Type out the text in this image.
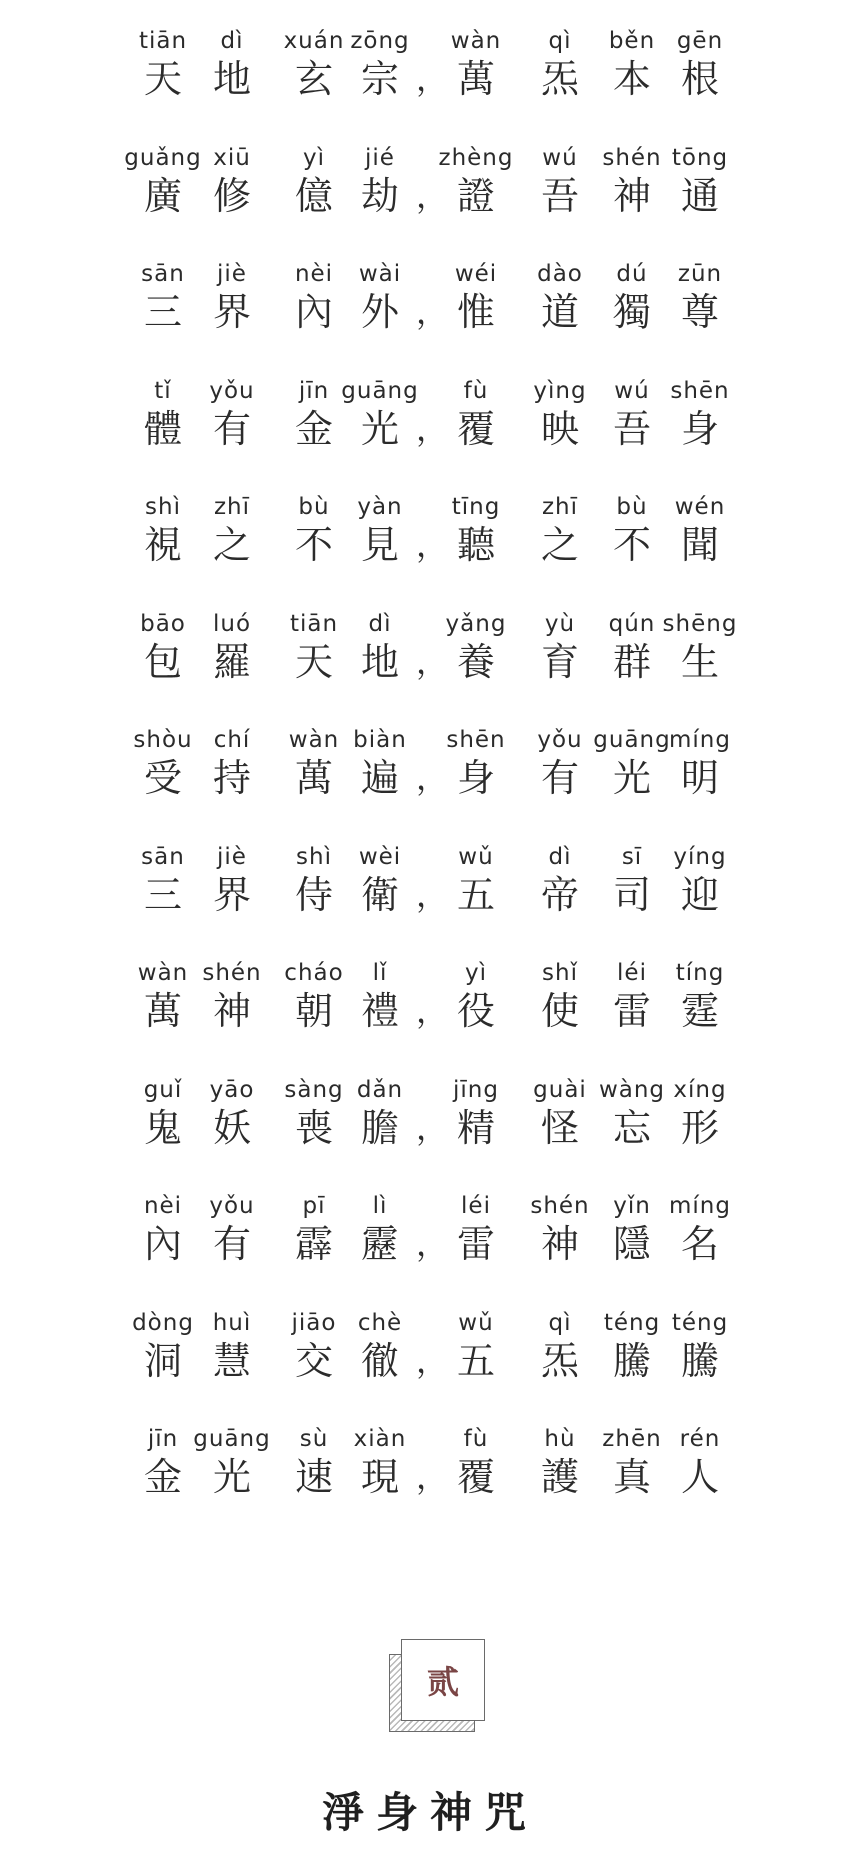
tiān
天
dì
地
xuán
玄
zōng
宗
wàn
萬
qì
炁
běn
本
gēn
根
，
guǎng
廣
xiū
修
yì
億
jié
劫
zhèng
證
wú
吾
shén
神
tōng
通
，
sān
三
jiè
界
nèi
內
wài
外
wéi
惟
dào
道
dú
獨
zūn
尊
，
tǐ
體
yǒu
有
jīn
金
guāng
光
fù
覆
yìng
映
wú
吾
shēn
身
，
shì
視
zhī
之
bù
不
yàn
見
tīng
聽
zhī
之
bù
不
wén
聞
，
bāo
包
luó
羅
tiān
天
dì
地
yǎng
養
yù
育
qún
群
shēng
生
，
shòu
受
chí
持
wàn
萬
biàn
遍
shēn
身
yǒu
有
guāng
光
míng
明
，
sān
三
jiè
界
shì
侍
wèi
衛
wǔ
五
dì
帝
sī
司
yíng
迎
，
wàn
萬
shén
神
cháo
朝
lǐ
禮
yì
役
shǐ
使
léi
雷
tíng
霆
，
guǐ
鬼
yāo
妖
sàng
喪
dǎn
膽
jīng
精
guài
怪
wàng
忘
xíng
形
，
nèi
內
yǒu
有
pī
霹
lì
靂
léi
雷
shén
神
yǐn
隱
míng
名
，
dòng
洞
huì
慧
jiāo
交
chè
徹
wǔ
五
qì
炁
téng
騰
téng
騰
，
jīn
金
guāng
光
sù
速
xiàn
現
fù
覆
hù
護
zhēn
真
rén
人
，
贰
淨身神咒
